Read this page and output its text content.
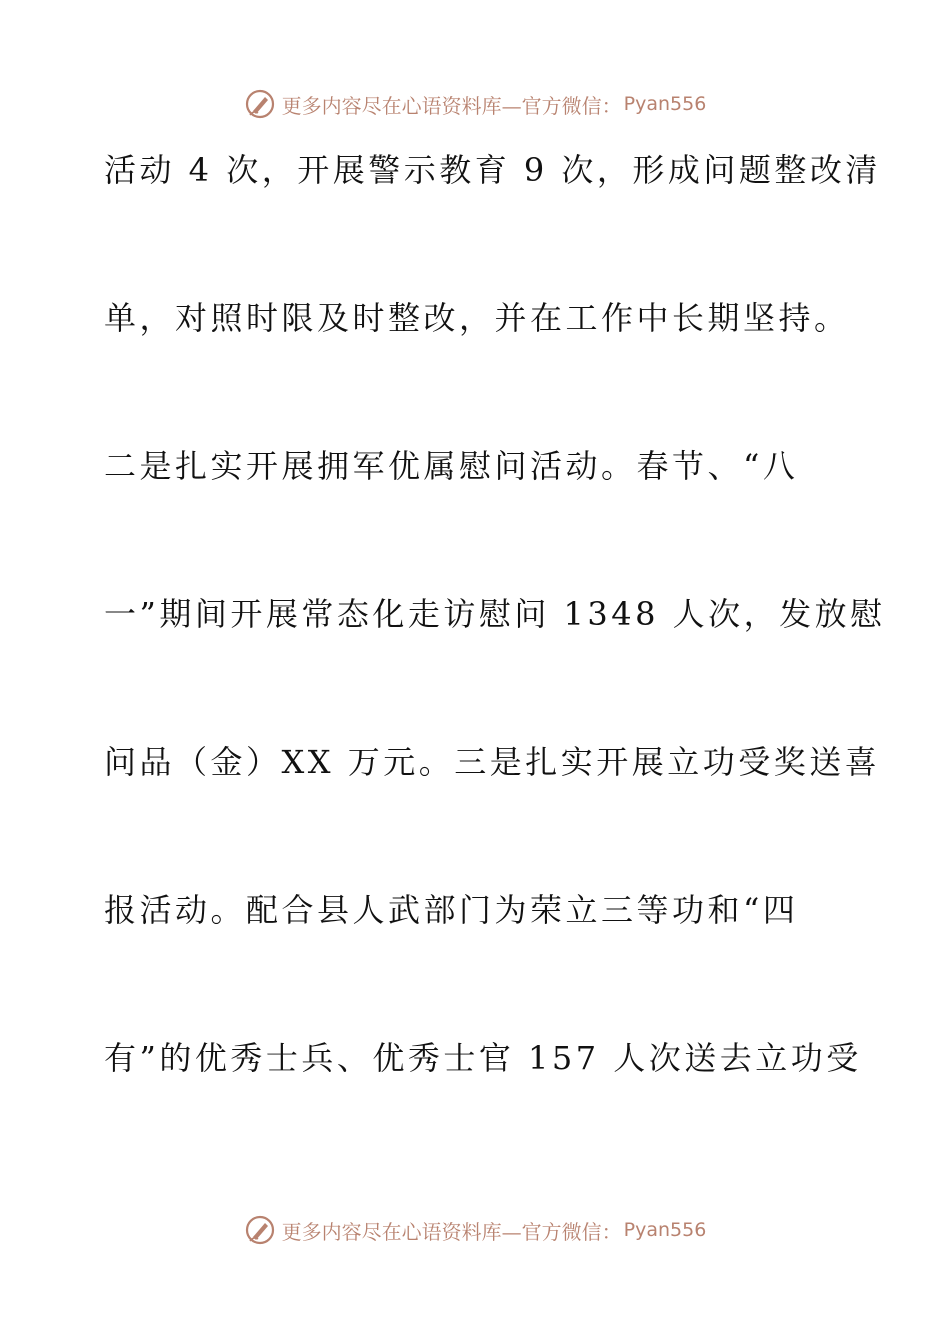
更多内容尽在心语资料库—官方微信： Pyan556
活动 4 次，开展警示教育 9 次，形成问题整改清
单，对照时限及时整改，并在工作中长期坚持。
二是扎实开展拥军优属慰问活动。春节、“八
一”期间开展常态化走访慰问 1348 人次，发放慰
问品（金）XX 万元。三是扎实开展立功受奖送喜
报活动。配合县人武部门为荣立三等功和“四
有”的优秀士兵、优秀士官 157 人次送去立功受
更多内容尽在心语资料库—官方微信： Pyan556
